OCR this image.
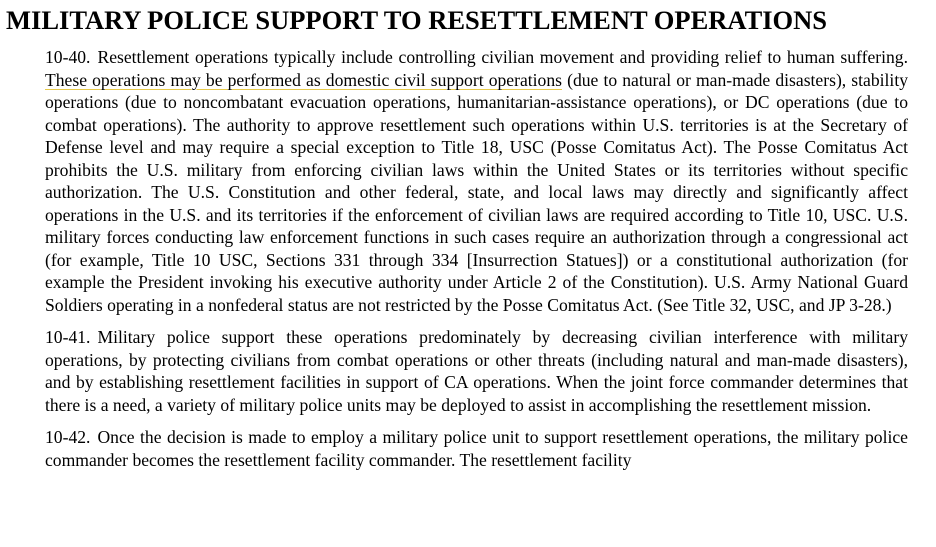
MILITARY POLICE SUPPORT TO RESETTLEMENT OPERATIONS

10-40. Resettlement operations typically include controlling civilian movement and providing relief to human suffering. These operations may be performed as domestic civil support operations (due to natural or man-made disasters), stability operations (due to noncombatant evacuation operations, humanitarian-assistance operations), or DC operations (due to combat operations). The authority to approve resettlement such operations within U.S. territories is at the Secretary of Defense level and may require a special exception to Title 18, USC (Posse Comitatus Act). The Posse Comitatus Act prohibits the U.S. military from enforcing civilian laws within the United States or its territories without specific authorization. The U.S. Constitution and other federal, state, and local laws may directly and significantly affect operations in the U.S. and its territories if the enforcement of civilian laws are required according to Title 10, USC. U.S. military forces conducting law enforcement functions in such cases require an authorization through a congressional act (for example, Title 10 USC, Sections 331 through 334 [Insurrection Statues]) or a constitutional authorization (for example the President invoking his executive authority under Article 2 of the Constitution). U.S. Army National Guard Soldiers operating in a nonfederal status are not restricted by the Posse Comitatus Act. (See Title 32, USC, and JP 3-28.)

10-41. Military police support these operations predominately by decreasing civilian interference with military operations, by protecting civilians from combat operations or other threats (including natural and man-made disasters), and by establishing resettlement facilities in support of CA operations. When the joint force commander determines that there is a need, a variety of military police units may be deployed to assist in accomplishing the resettlement mission.

10-42. Once the decision is made to employ a military police unit to support resettlement operations, the military police commander becomes the resettlement facility commander. The resettlement facility
